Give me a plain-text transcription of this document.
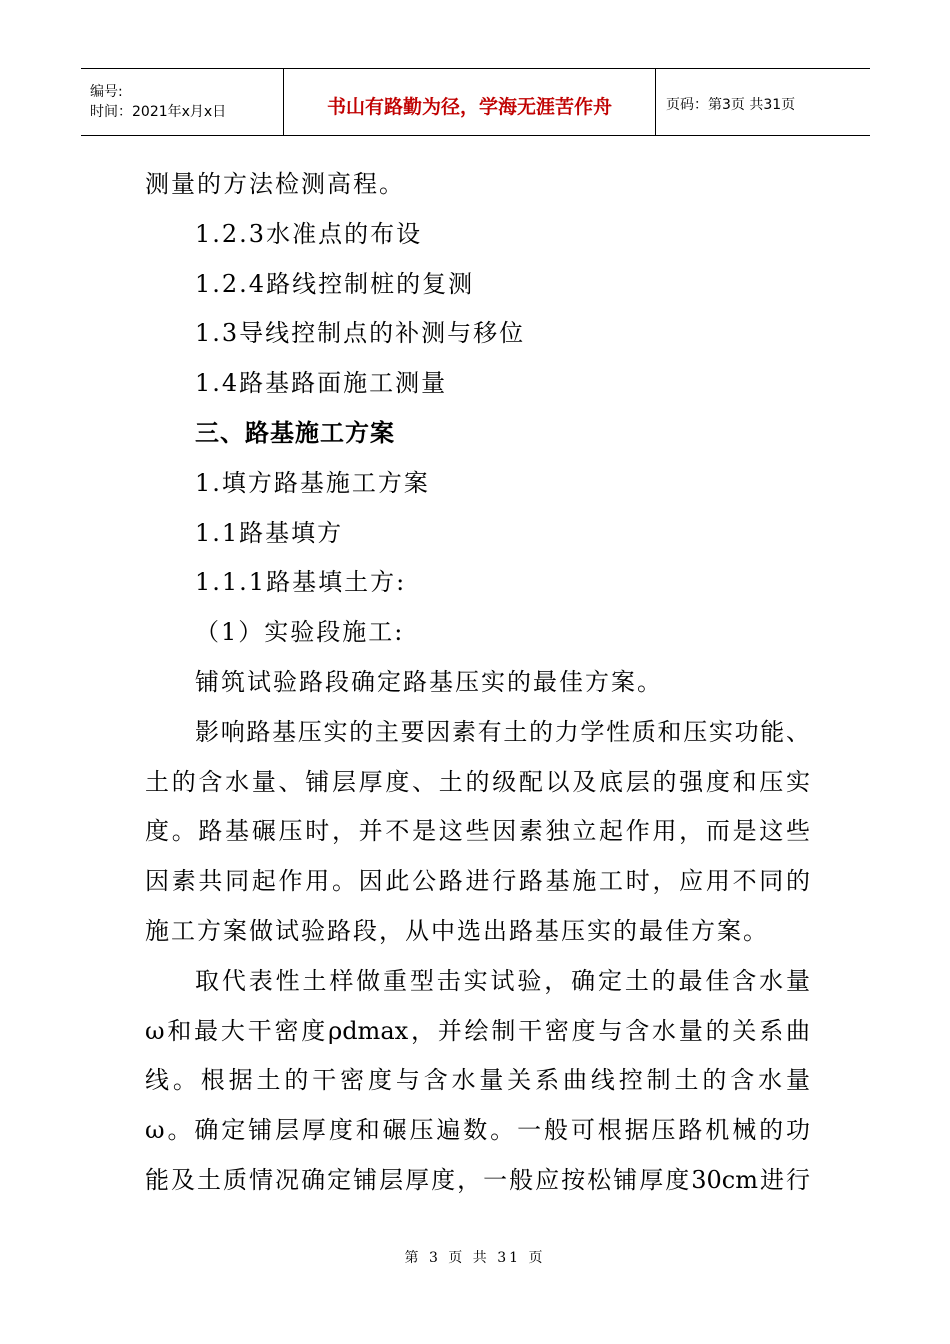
编号:
时间：2021年x月x日	书山有路勤为径，学海无涯苦作舟	页码：第3页 共31页
测量的方法检测高程。
1.2.3水准点的布设
1.2.4路线控制桩的复测
1.3导线控制点的补测与移位
1.4路基路面施工测量
三、路基施工方案
1.填方路基施工方案
1.1路基填方
1.1.1路基填土方:
（1）实验段施工:
铺筑试验路段确定路基压实的最佳方案。
影响路基压实的主要因素有土的力学性质和压实功能、
土的含水量、铺层厚度、土的级配以及底层的强度和压实
度。路基碾压时，并不是这些因素独立起作用，而是这些
因素共同起作用。因此公路进行路基施工时，应用不同的
施工方案做试验路段，从中选出路基压实的最佳方案。
取代表性土样做重型击实试验，确定土的最佳含水量
ω和最大干密度ρdmax，并绘制干密度与含水量的关系曲
线。根据土的干密度与含水量关系曲线控制土的含水量
ω。确定铺层厚度和碾压遍数。一般可根据压路机械的功
能及土质情况确定铺层厚度，一般应按松铺厚度30cm进行
第 3 页 共 31 页
